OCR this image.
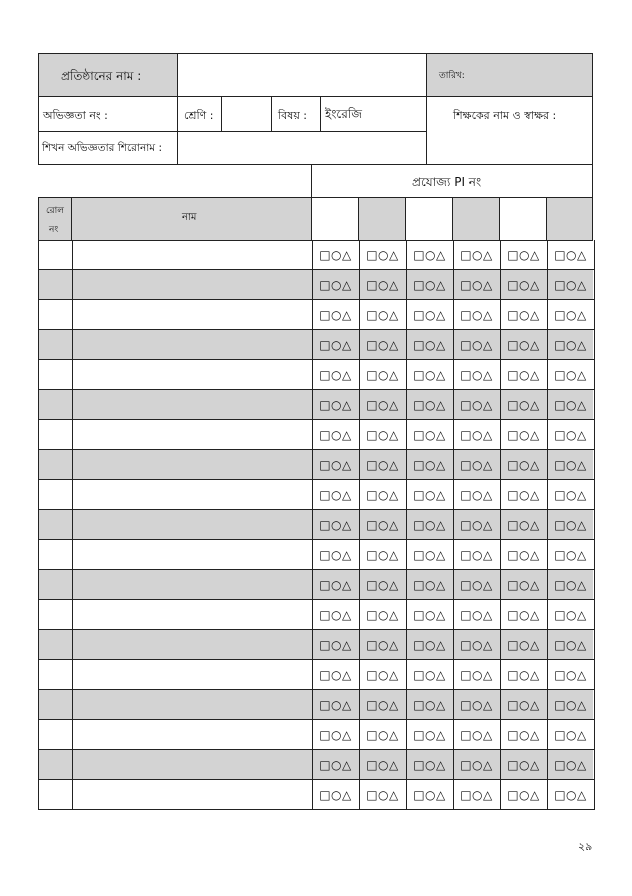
প্রতিষ্ঠানের নাম :	তারিখ:
অভিজ্ঞতা নং :	শ্রেণি :	বিষয় : ইংরেজি	শিক্ষকের নাম ও স্বাক্ষর :
শিখন অভিজ্ঞতার শিরোনাম :
প্রযোজ্য PI নং
রোল
নং
নাম
□○△	□○△	□○△	□○△	□○△	□○△
□○△	□○△	□○△	□○△	□○△	□○△
□○△	□○△	□○△	□○△	□○△	□○△
□○△	□○△	□○△	□○△	□○△	□○△
□○△	□○△	□○△	□○△	□○△	□○△
□○△	□○△	□○△	□○△	□○△	□○△
□○△	□○△	□○△	□○△	□○△	□○△
□○△	□○△	□○△	□○△	□○△	□○△
□○△	□○△	□○△	□○△	□○△	□○△
□○△	□○△	□○△	□○△	□○△	□○△
□○△	□○△	□○△	□○△	□○△	□○△
□○△	□○△	□○△	□○△	□○△	□○△
□○△	□○△	□○△	□○△	□○△	□○△
□○△	□○△	□○△	□○△	□○△	□○△
□○△	□○△	□○△	□○△	□○△	□○△
□○△	□○△	□○△	□○△	□○△	□○△
□○△	□○△	□○△	□○△	□○△	□○△
□○△	□○△	□○△	□○△	□○△	□○△
□○△	□○△	□○△	□○△	□○△	□○△
২৯
